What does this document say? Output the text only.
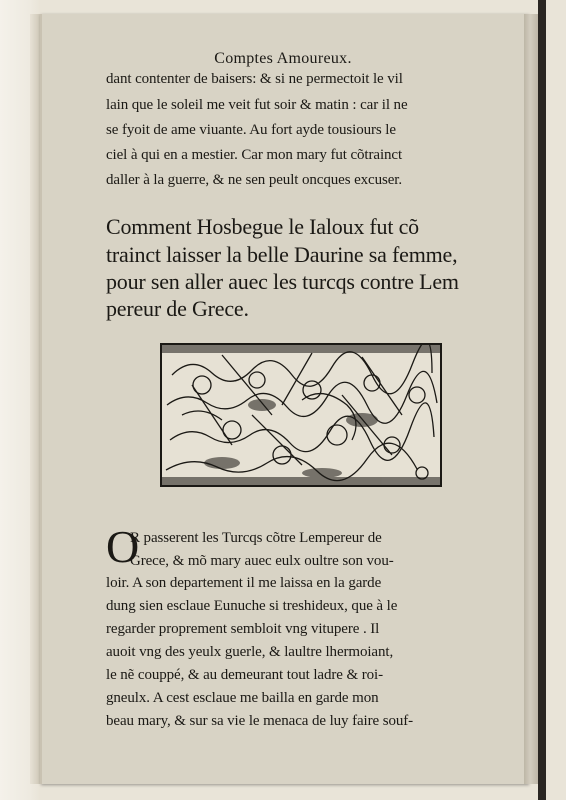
Comptes Amoureux.
dant contenter de baisers: & si ne permectoit le vil
lain que le soleil me veit fut soir & matin : car il ne
se fyoit de ame viuante. Au fort ayde tousiours le
ciel à qui en a mestier. Car mon mary fut cõtrainct
daller à la guerre, & ne sen peult oncques excuser.
Comment Hosbegue le Ialoux fut cõ
trainct laisser la belle Daurine sa femme,
pour sen aller auec les turcqs contre Lem
pereur de Grece.
O
R passerent les Turcqs cõtre Lempereur de
Grece, & mõ mary auec eulx oultre son vou-
loir. A son departement il me laissa en la garde
dung sien esclaue Eunuche si treshideux, que à le
regarder proprement sembloit vng vitupere . Il
auoit vng des yeulx guerle, & laultre lhermoiant,
le nẽ couppé, & au demeurant tout ladre & roi-
gneulx. A cest esclaue me bailla en garde mon
beau mary, & sur sa vie le menaca de luy faire souf-
